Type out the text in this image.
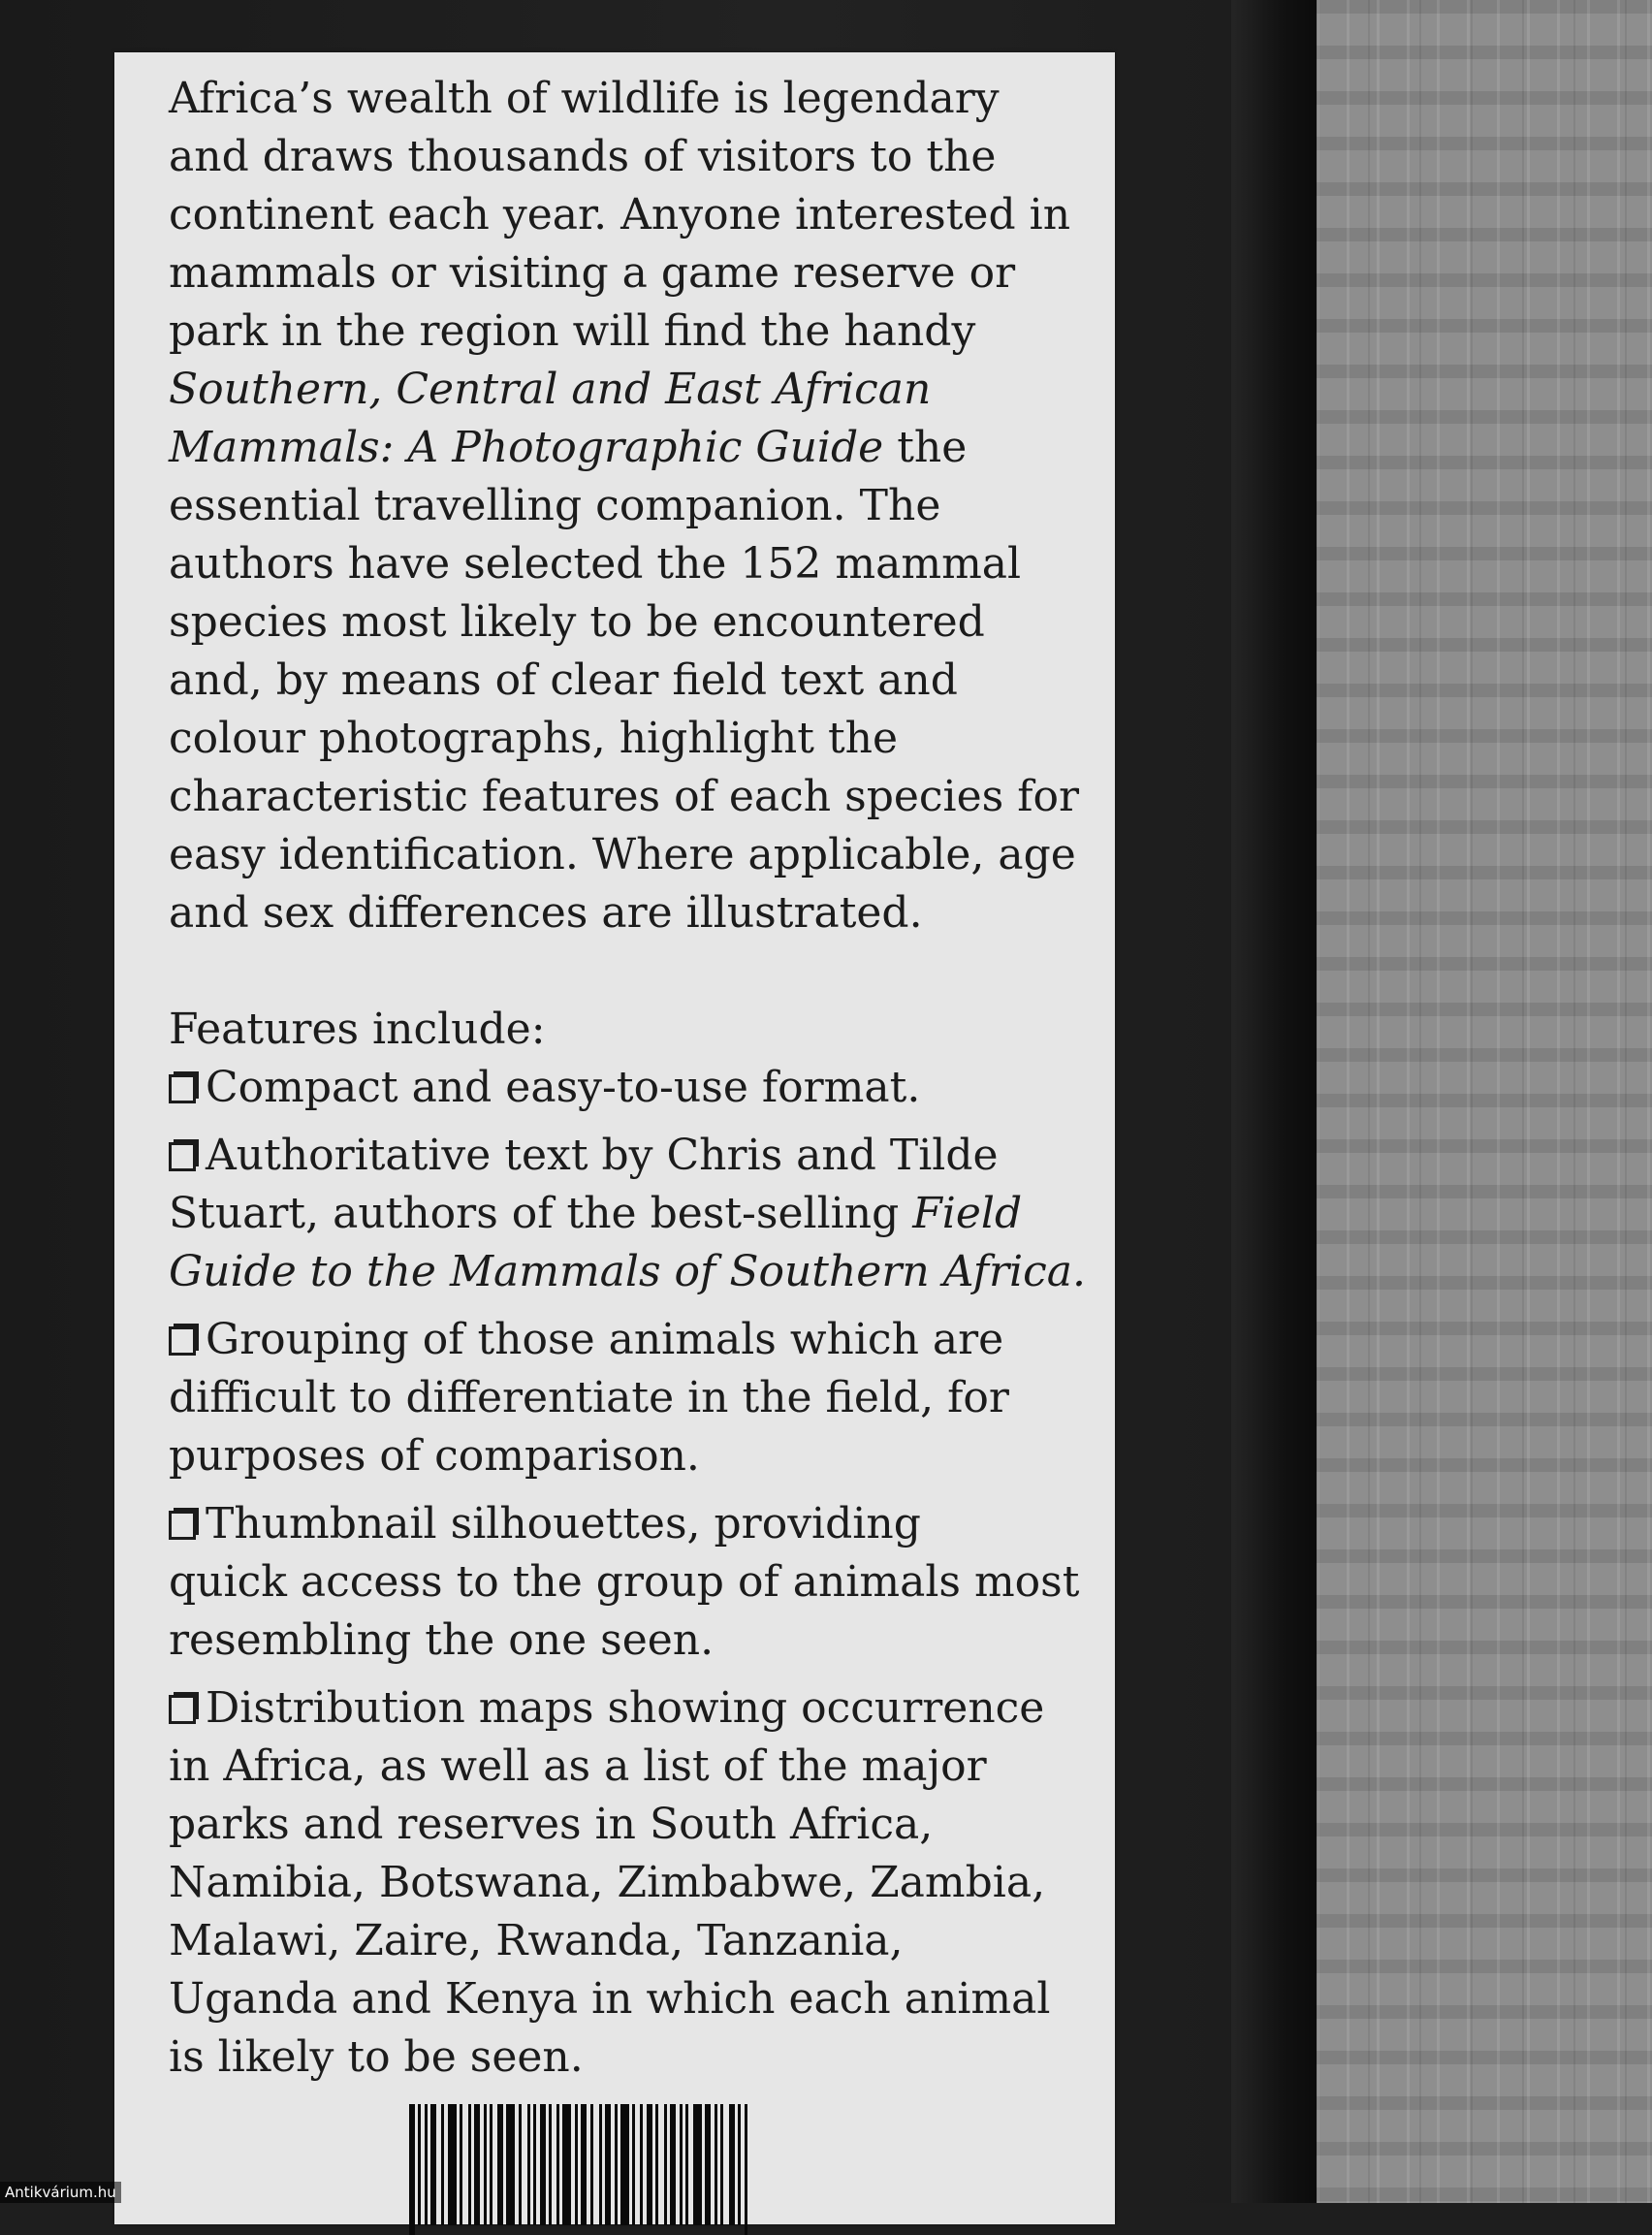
Africa’s wealth of wildlife is legendary
and draws thousands of visitors to the
continent each year. Anyone interested in
mammals or visiting a game reserve or
park in the region will find the handy
Southern, Central and East African
Mammals: A Photographic Guide the
essential travelling companion. The
authors have selected the 152 mammal
species most likely to be encountered
and, by means of clear field text and
colour photographs, highlight the
characteristic features of each species for
easy identification. Where applicable, age
and sex differences are illustrated.
Features include:
Compact and easy-to-use format.
Authoritative text by Chris and Tilde
Stuart, authors of the best-selling Field
Guide to the Mammals of Southern Africa.
Grouping of those animals which are
difficult to differentiate in the field, for
purposes of comparison.
Thumbnail silhouettes, providing
quick access to the group of animals most
resembling the one seen.
Distribution maps showing occurrence
in Africa, as well as a list of the major
parks and reserves in South Africa,
Namibia, Botswana, Zimbabwe, Zambia,
Malawi, Zaire, Rwanda, Tanzania,
Uganda and Kenya in which each animal
is likely to be seen.
Antikvárium.hu
